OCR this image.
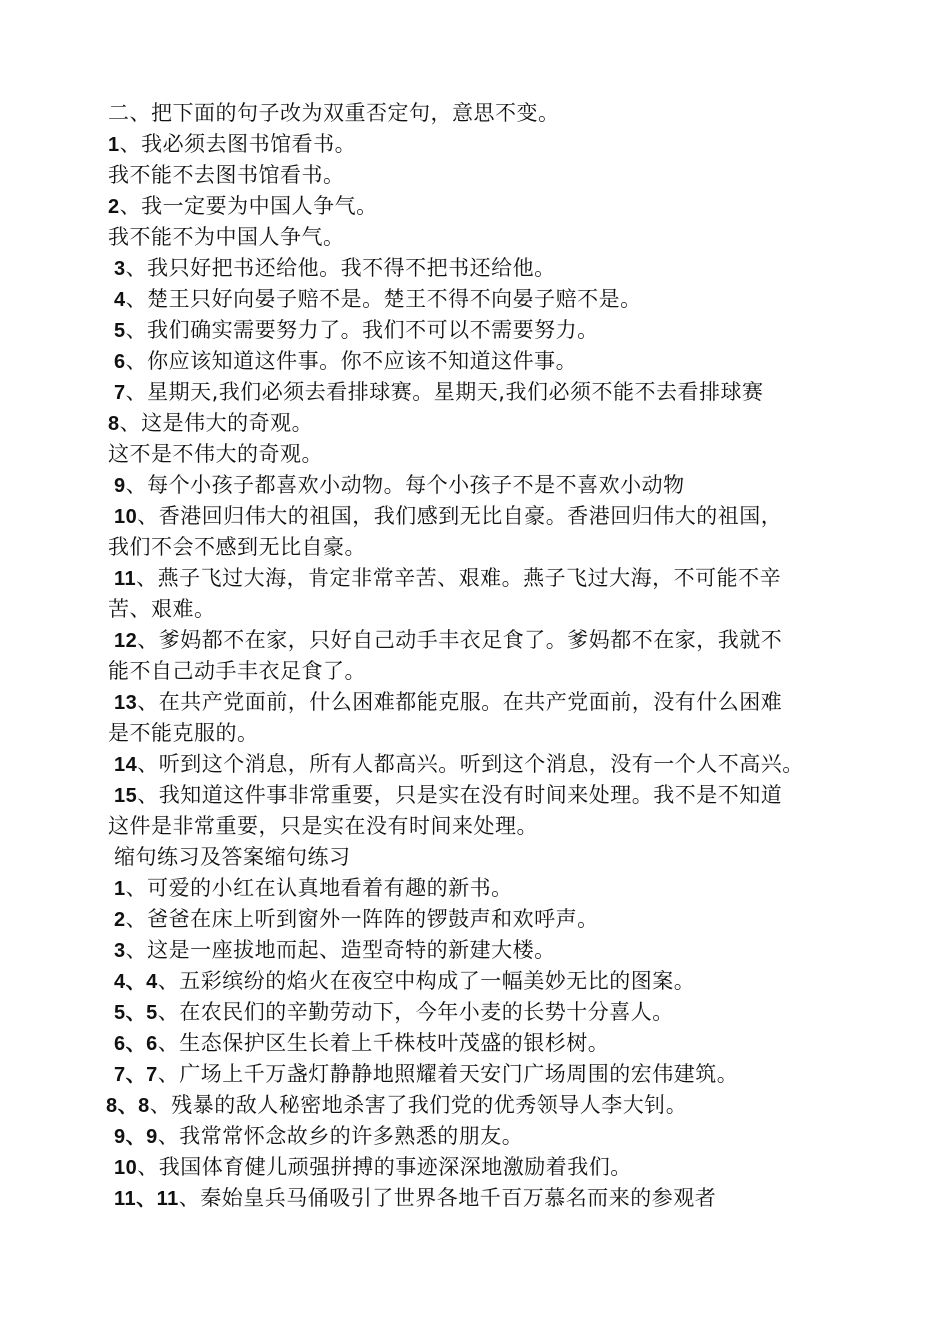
二、把下面的句子改为双重否定句，意思不变。
1、我必须去图书馆看书。
我不能不去图书馆看书。
2、我一定要为中国人争气。
我不能不为中国人争气。
3、我只好把书还给他。我不得不把书还给他。
4、楚王只好向晏子赔不是。楚王不得不向晏子赔不是。
5、我们确实需要努力了。我们不可以不需要努力。
6、你应该知道这件事。你不应该不知道这件事。
7、星期天,我们必须去看排球赛。星期天,我们必须不能不去看排球赛
8、这是伟大的奇观。
这不是不伟大的奇观。
9、每个小孩子都喜欢小动物。每个小孩子不是不喜欢小动物
10、香港回归伟大的祖国，我们感到无比自豪。香港回归伟大的祖国，
我们不会不感到无比自豪。
11、燕子飞过大海，肯定非常辛苦、艰难。燕子飞过大海，不可能不辛
苦、艰难。
12、爹妈都不在家，只好自己动手丰衣足食了。爹妈都不在家，我就不
能不自己动手丰衣足食了。
13、在共产党面前，什么困难都能克服。在共产党面前，没有什么困难
是不能克服的。
14、听到这个消息，所有人都高兴。听到这个消息，没有一个人不高兴。
15、我知道这件事非常重要，只是实在没有时间来处理。我不是不知道
这件是非常重要，只是实在没有时间来处理。
缩句练习及答案缩句练习
1、可爱的小红在认真地看着有趣的新书。
2、爸爸在床上听到窗外一阵阵的锣鼓声和欢呼声。
3、这是一座拔地而起、造型奇特的新建大楼。
4、4、五彩缤纷的焰火在夜空中构成了一幅美妙无比的图案。
5、5、在农民们的辛勤劳动下，今年小麦的长势十分喜人。
6、6、生态保护区生长着上千株枝叶茂盛的银杉树。
7、7、广场上千万盏灯静静地照耀着天安门广场周围的宏伟建筑。
8、8、残暴的敌人秘密地杀害了我们党的优秀领导人李大钊。
9、9、我常常怀念故乡的许多熟悉的朋友。
10、我国体育健儿顽强拼搏的事迹深深地激励着我们。
11、11、秦始皇兵马俑吸引了世界各地千百万慕名而来的参观者
